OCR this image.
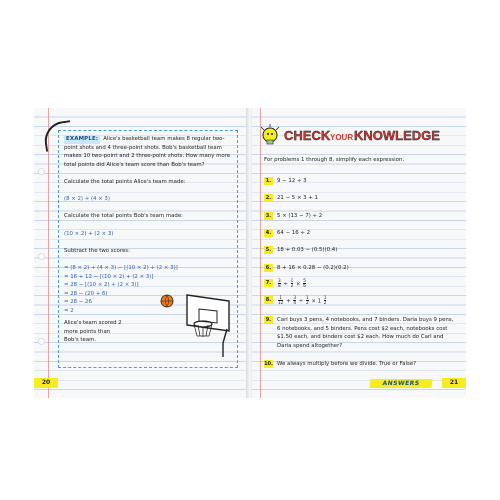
EXAMPLE: Alice's basketball team makes 8 regular two-point shots and 4 three-point shots. Bob's basketball team makes 10 two-point and 2 three-point shots. How many more total points did Alice's team score than Bob's team?

Calculate the total points Alice's team made:

(8 × 2) + (4 × 3)

Calculate the total points Bob's team made:

(10 × 2) + (2 × 3)

Subtract the two scores:

= (8 × 2) + (4 × 3) − [(10 × 2) + (2 × 3)]
= 16 + 12 − [(10 × 2) + (2 × 3)]
= 28 − [(10 × 2) + (2 × 3)]
= 28 − (20 + 6)
= 28 − 26
= 2
Alice's team scored 2 more points than Bob's team.
20
CHECK YOUR KNOWLEDGE

For problems 1 through 8, simplify each expression.

1. 9 − 12 ÷ 3
2. 21 − 5 × 3 + 1
3. 5 × (13 − 7) ÷ 2
4. 64 − 16 ÷ 2
5. 18 + 0.03 − (0.5)(0.4)
6. 8 + 16 × 0.28 − (0.2)(0.2)
7. $\frac{3}{8} \div \frac{1}{2} \times \frac{5}{6}$
8. $\frac{1}{12} + \frac{3}{4} \div \frac{1}{2} \times 1 \frac{1}{2}$
9. Carl buys 3 pens, 4 notebooks, and 7 binders. Daria buys 9 pens, 6 notebooks, and 5 binders. Pens cost $2 each, notebooks cost $1.50 each, and binders cost $2 each. How much do Carl and Daria spend altogether?
10. We always multiply before we divide. True or False?
ANSWERS	21
